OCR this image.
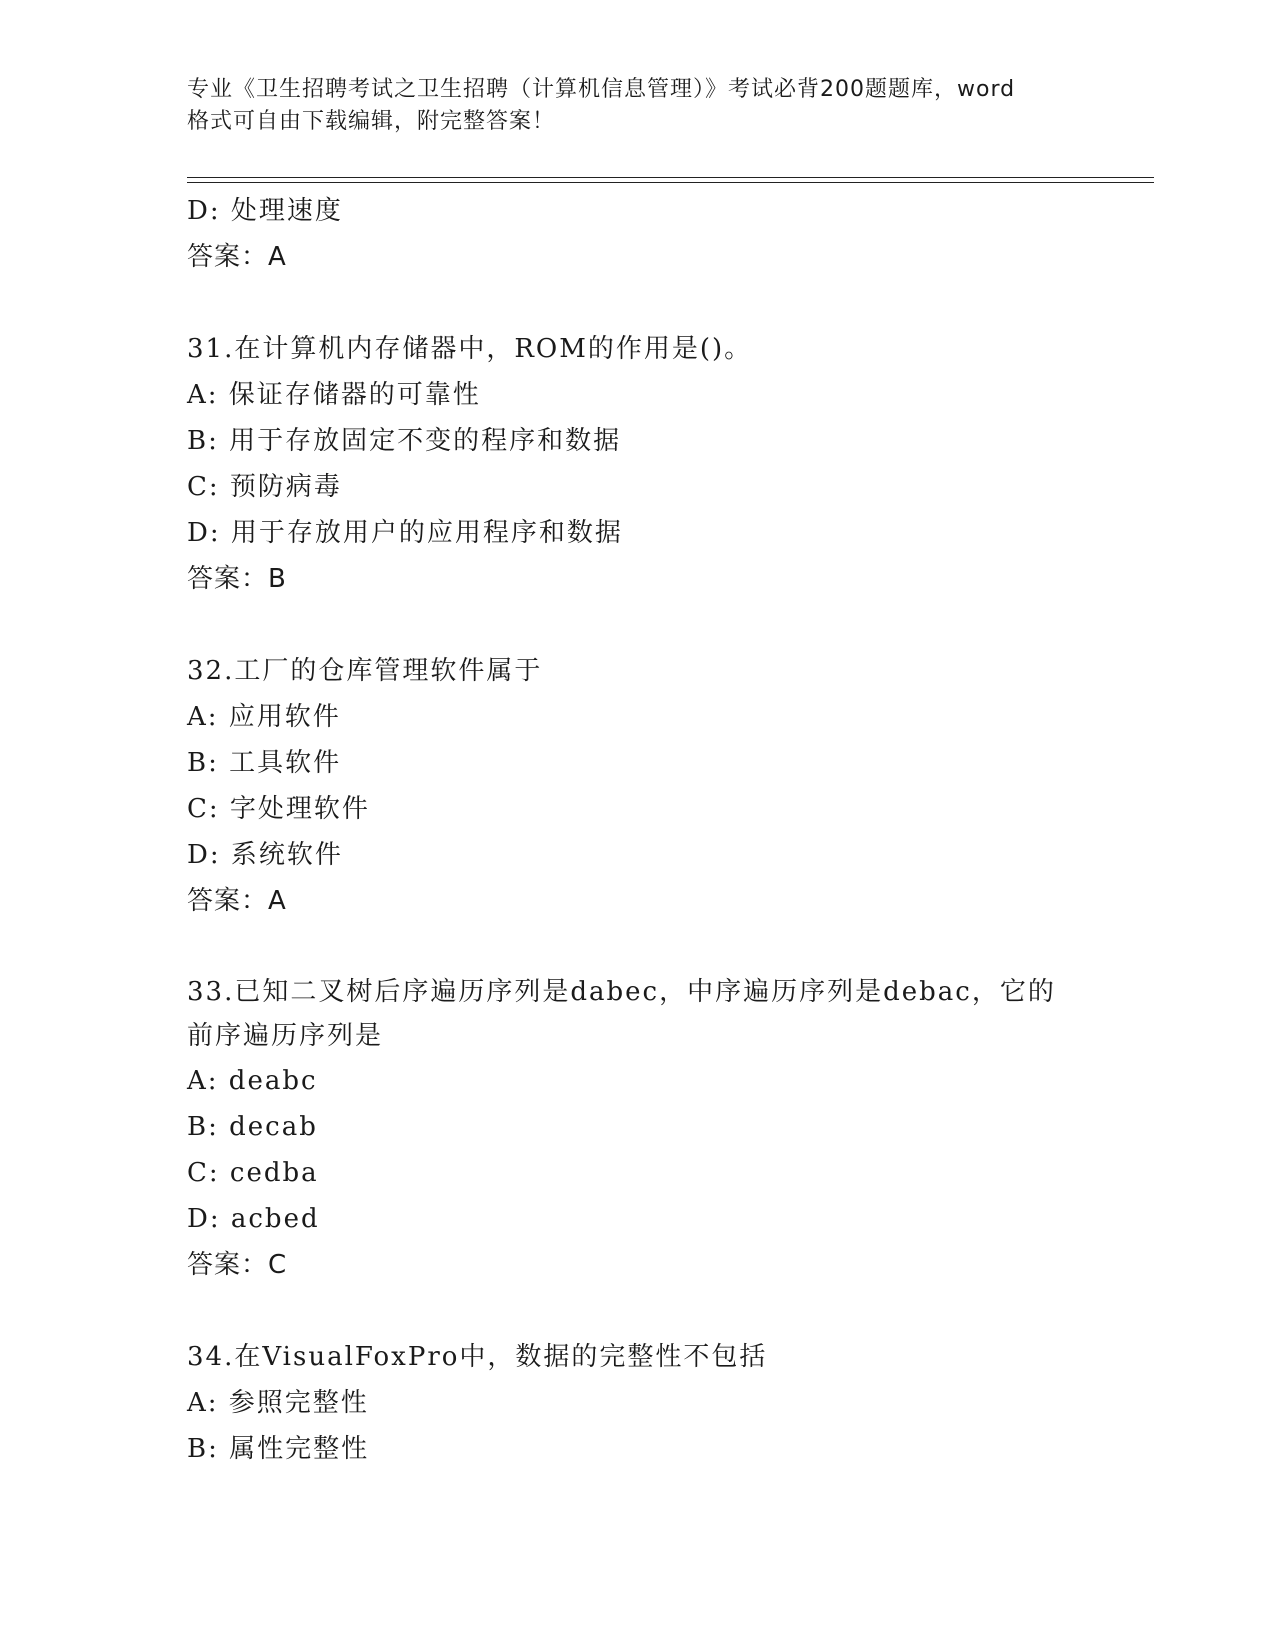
专业《卫生招聘考试之卫生招聘（计算机信息管理）》考试必背200题题库，word
格式可自由下载编辑，附完整答案！
D: 处理速度
答案：A
31.在计算机内存储器中，ROM的作用是()。
A: 保证存储器的可靠性
B: 用于存放固定不变的程序和数据
C: 预防病毒
D: 用于存放用户的应用程序和数据
答案：B
32.工厂的仓库管理软件属于
A: 应用软件
B: 工具软件
C: 字处理软件
D: 系统软件
答案：A
33.已知二叉树后序遍历序列是dabec，中序遍历序列是debac，它的
前序遍历序列是
A: deabc
B: decab
C: cedba
D: acbed
答案：C
34.在VisualFoxPro中，数据的完整性不包括
A: 参照完整性
B: 属性完整性
